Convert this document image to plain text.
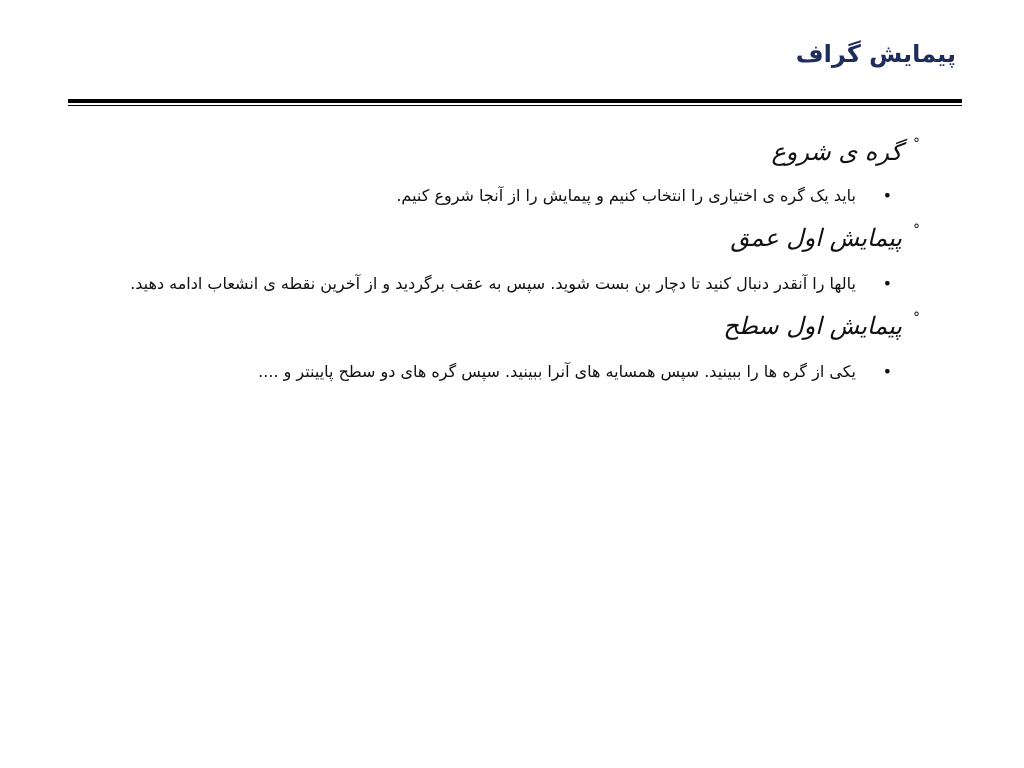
پیمایش گراف
°
گره ی شروع
•
باید یک گره ی اختیاری را انتخاب کنیم و پیمایش را از آنجا شروع کنیم.
°
پیمایش اول عمق
•
یالها را آنقدر دنبال کنید تا دچار بن بست شوید. سپس به عقب برگردید و از آخرین نقطه ی انشعاب ادامه دهید.
°
پیمایش اول سطح
•
یکی از گره ها را ببینید. سپس همسایه های آنرا ببینید. سپس گره های دو سطح پایینتر و ....
